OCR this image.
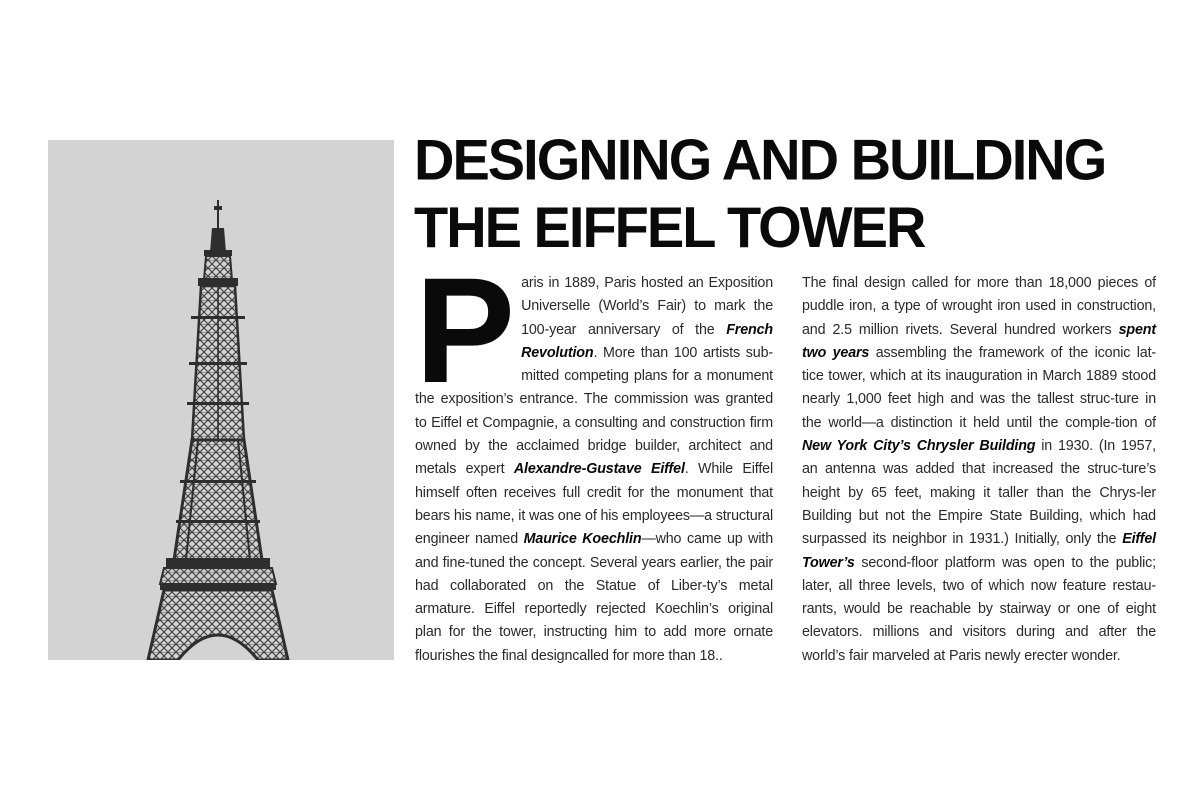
DESIGNING AND BUILDING
THE EIFFEL TOWER

Paris in 1889, Paris hosted an Exposition Universelle (World’s Fair) to mark the 100-year anniversary of the French Revolution. More than 100 artists sub-mitted competing plans for a monument the exposition’s entrance. The commission was granted to Eiffel et Compagnie, a consulting and construction firm owned by the acclaimed bridge builder, architect and metals expert Alexandre-Gustave Eiffel. While Eiffel himself often receives full credit for the monument that bears his name, it was one of his employees—a structural engineer named Maurice Koechlin—who came up with and fine-tuned the concept. Several years earlier, the pair had collaborated on the Statue of Liber-ty’s metal armature. Eiffel reportedly rejected Koechlin’s original plan for the tower, instructing him to add more ornate flourishes the final designcalled for more than 18..

The final design called for more than 18,000 pieces of puddle iron, a type of wrought iron used in construction, and 2.5 million rivets. Several hundred workers spent two years assembling the framework of the iconic lat-tice tower, which at its inauguration in March 1889 stood nearly 1,000 feet high and was the tallest struc-ture in the world—a distinction it held until the comple-tion of New York City’s Chrysler Building in 1930. (In 1957, an antenna was added that increased the struc-ture’s height by 65 feet, making it taller than the Chrys-ler Building but not the Empire State Building, which had surpassed its neighbor in 1931.) Initially, only the Eiffel Tower’s second-floor platform was open to the public; later, all three levels, two of which now feature restau-rants, would be reachable by stairway or one of eight elevators. millions and visitors during and after the world’s fair marveled at Paris newly erecter wonder.
